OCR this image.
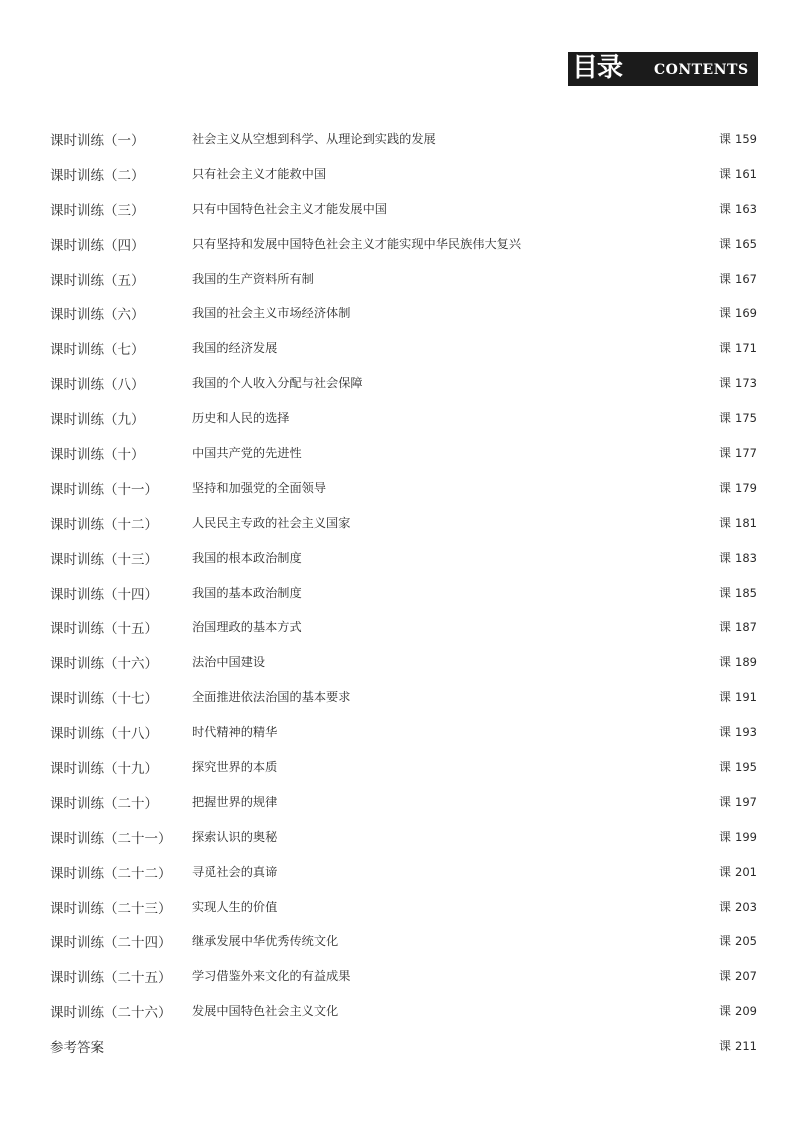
目录 CONTENTS
课时训练（一）	社会主义从空想到科学、从理论到实践的发展	课 159
课时训练（二）	只有社会主义才能救中国	课 161
课时训练（三）	只有中国特色社会主义才能发展中国	课 163
课时训练（四）	只有坚持和发展中国特色社会主义才能实现中华民族伟大复兴	课 165
课时训练（五）	我国的生产资料所有制	课 167
课时训练（六）	我国的社会主义市场经济体制	课 169
课时训练（七）	我国的经济发展	课 171
课时训练（八）	我国的个人收入分配与社会保障	课 173
课时训练（九）	历史和人民的选择	课 175
课时训练（十）	中国共产党的先进性	课 177
课时训练（十一）	坚持和加强党的全面领导	课 179
课时训练（十二）	人民民主专政的社会主义国家	课 181
课时训练（十三）	我国的根本政治制度	课 183
课时训练（十四）	我国的基本政治制度	课 185
课时训练（十五）	治国理政的基本方式	课 187
课时训练（十六）	法治中国建设	课 189
课时训练（十七）	全面推进依法治国的基本要求	课 191
课时训练（十八）	时代精神的精华	课 193
课时训练（十九）	探究世界的本质	课 195
课时训练（二十）	把握世界的规律	课 197
课时训练（二十一） 探索认识的奥秘	课 199
课时训练（二十二） 寻觅社会的真谛	课 201
课时训练（二十三） 实现人生的价值	课 203
课时训练（二十四） 继承发展中华优秀传统文化	课 205
课时训练（二十五） 学习借鉴外来文化的有益成果	课 207
课时训练（二十六） 发展中国特色社会主义文化	课 209
参考答案	课 211
